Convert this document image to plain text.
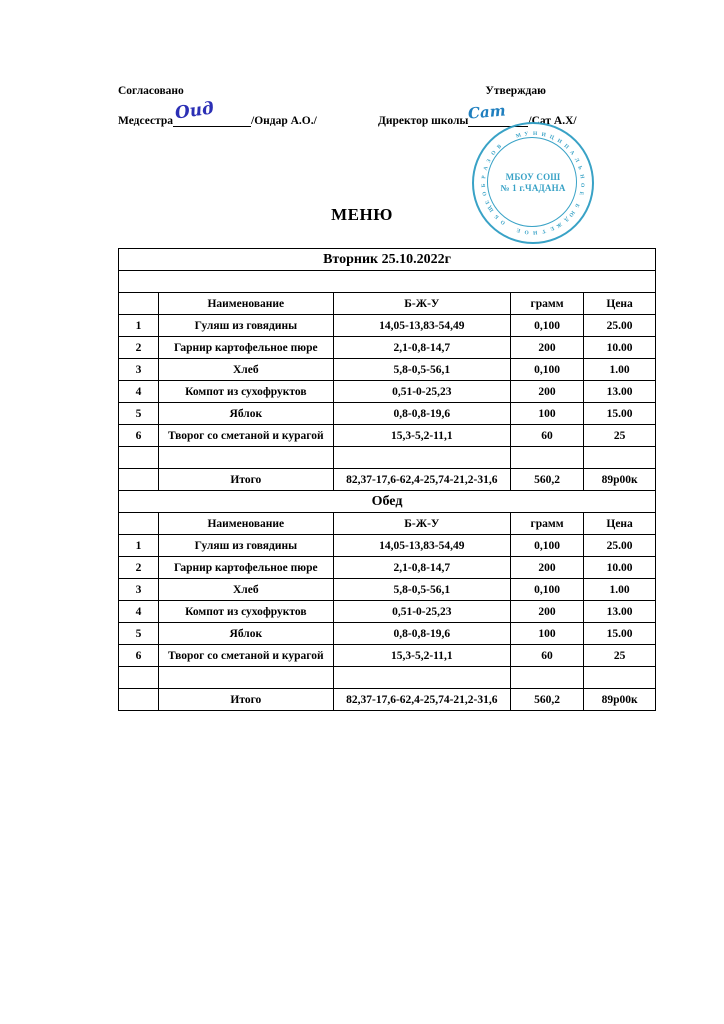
Согласовано	Утверждаю
Медсестра Оид	/Ондар А.О./	Директор школы Сат /Сат А.Х/
М У Н И Ц
И
П
А
Л
Ь
Н
О
Е
Б
Ю
Д
Ж
Е
Т
Н
О
Е
О
Б
Щ
Е
О
Б
Р
А
З
О
В
МБОУ СОШ
№ 1 г.ЧАДАНА
МЕНЮ
Вторник 25.10.2022г				

	Наименование	Б-Ж-У	грамм	Цена
1	Гуляш из говядины	14,05-13,83-54,49	0,100	25.00
2	Гарнир картофельное пюре	2,1-0,8-14,7	200	10.00
3	Хлеб	5,8-0,5-56,1	0,100	1.00
4	Компот из сухофруктов	0,51-0-25,23	200	13.00
5	Яблок	0,8-0,8-19,6	100	15.00
6	Творог со сметаной и курагой	15,3-5,2-11,1	60	25

	Итого	82,37-17,6-62,4-25,74-21,2-31,6	560,2	89р00к
Обед				
	Наименование	Б-Ж-У	грамм	Цена
1	Гуляш из говядины	14,05-13,83-54,49	0,100	25.00
2	Гарнир картофельное пюре	2,1-0,8-14,7	200	10.00
3	Хлеб	5,8-0,5-56,1	0,100	1.00
4	Компот из сухофруктов	0,51-0-25,23	200	13.00
5	Яблок	0,8-0,8-19,6	100	15.00
6	Творог со сметаной и курагой	15,3-5,2-11,1	60	25

	Итого	82,37-17,6-62,4-25,74-21,2-31,6	560,2	89р00к
